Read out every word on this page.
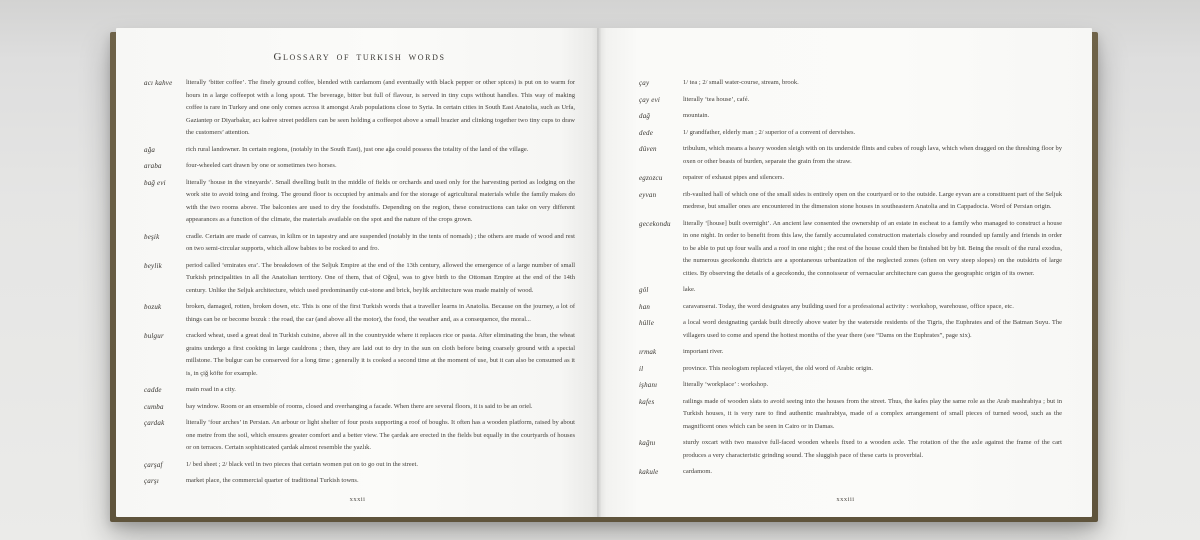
Glossary of turkish words
acı kahve	literally ‘bitter coffee’. The finely ground coffee, blended with cardamom (and eventually with black pepper or other spices) is put on to warm for hours in a large coffeepot with a long spout. The beverage, bitter but full of flavour, is served in tiny cups without handles. This way of making coffee is rare in Turkey and one only comes across it amongst Arab populations close to Syria. In certain cities in South East Anatolia, such as Urfa, Gaziantep or Diyarbakır, acı kahve street peddlers can be seen holding a coffeepot above a small brazier and clinking together two tiny cups to draw the customers’ attention.
ağa	rich rural landowner. In certain regions, (notably in the South East), just one ağa could possess the totality of the land of the village.
araba	four-wheeled cart drawn by one or sometimes two horses.
bağ evi	literally ‘house in the vineyards’. Small dwelling built in the middle of fields or orchards and used only for the harvesting period as lodging on the work site to avoid toing and froing. The ground floor is occupied by animals and for the storage of agricultural materials while the family makes do with the two rooms above. The balconies are used to dry the foodstuffs. Depending on the region, these constructions can take on very different appearances as a function of the climate, the materials available on the spot and the nature of the crops grown.
beşik	cradle. Certain are made of canvas, in kilim or in tapestry and are suspended (notably in the tents of nomads) ; the others are made of wood and rest on two semi-circular supports, which allow babies to be rocked to and fro.
beylik	period called ‘emirates era’. The breakdown of the Seljuk Empire at the end of the 13th century, allowed the emergence of a large number of small Turkish principalities in all the Anatolian territory. One of them, that of Oğrul, was to give birth to the Ottoman Empire at the end of the 14th century. Unlike the Seljuk architecture, which used predominantly cut-stone and brick, beylik architecture was made mainly of wood.
bozuk	broken, damaged, rotten, broken down, etc. This is one of the first Turkish words that a traveller learns in Anatolia. Because on the journey, a lot of things can be or become bozuk : the road, the car (and above all the motor), the food, the weather and, as a consequence, the moral...
bulgur	cracked wheat, used a great deal in Turkish cuisine, above all in the countryside where it replaces rice or pasta. After eliminating the bran, the wheat grains undergo a first cooking in large cauldrons ; then, they are laid out to dry in the sun on cloth before being coarsely ground with a special millstone. The bulgur can be conserved for a long time ; generally it is cooked a second time at the moment of use, but it can also be consumed as it is, in çiğ köfte for example.
cadde	main road in a city.
cumba	bay window. Room or an ensemble of rooms, closed and overhanging a facade. When there are several floors, it is said to be an oriel.
çardak	literally ‘four arches’ in Persian. An arbour or light shelter of four posts supporting a roof of boughs. It often has a wooden platform, raised by about one metre from the soil, which ensures greater comfort and a better view. The çardak are erected in the fields but equally in the courtyards of houses or on terraces. Certain sophisticated çardak almost resemble the yazlık.
çarşaf	1/ bed sheet ; 2/ black veil in two pieces that certain women put on to go out in the street.
çarşı	market place, the commercial quarter of traditional Turkish towns.
xxxii
çay	1/ tea ; 2/ small water-course, stream, brook.
çay evi	literally ‘tea house’, café.
dağ	mountain.
dede	1/ grandfather, elderly man ; 2/ superior of a convent of dervishes.
düven	tribulum, which means a heavy wooden sleigh with on its underside flints and cubes of rough lava, which when dragged on the threshing floor by oxen or other beasts of burden, separate the grain from the straw.
egzozcu	repairer of exhaust pipes and silencers.
eyvan	rib-vaulted hall of which one of the small sides is entirely open on the courtyard or to the outside. Large eyvan are a constituent part of the Seljuk medrese, but smaller ones are encountered in the dimension stone houses in southeastern Anatolia and in Cappadocia. Word of Persian origin.
gecekondu	literally ‘[house] built overnight’. An ancient law consented the ownership of an estate in escheat to a family who managed to construct a house in one night. In order to benefit from this law, the family accumulated construction materials closeby and rounded up family and friends in order to be able to put up four walls and a roof in one night ; the rest of the house could then be finished bit by bit. Being the result of the rural exodus, the numerous gecekondu districts are a spontaneous urbanization of the neglected zones (often on very steep slopes) on the outskirts of large cities. By observing the details of a gecekondu, the connoisseur of vernacular architecture can guess the geographic origin of its owner.
göl	lake.
han	caravanserai. Today, the word designates any building used for a professional activity : workshop, warehouse, office space, etc.
hülle	a local word designating çardak built directly above water by the waterside residents of the Tigris, the Euphrates and of the Batman Suyu. The villagers used to come and spend the hottest months of the year there (see “Dams on the Euphrates”, page xix).
ırmak	important river.
il	province. This neologism replaced vilayet, the old word of Arabic origin.
işhanı	literally ‘workplace’ : workshop.
kafes	railings made of wooden slats to avoid seeing into the houses from the street. Thus, the kafes play the same role as the Arab mashrabiya ; but in Turkish houses, it is very rare to find authentic mashrabiya, made of a complex arrangement of small pieces of turned wood, such as the magnificent ones which can be seen in Cairo or in Damas.
kağnı	sturdy oxcart with two massive full-faced wooden wheels fixed to a wooden axle. The rotation of the the axle against the frame of the cart produces a very characteristic grinding sound. The sluggish pace of these carts is proverbial.
kakule	cardamom.
xxxiii
